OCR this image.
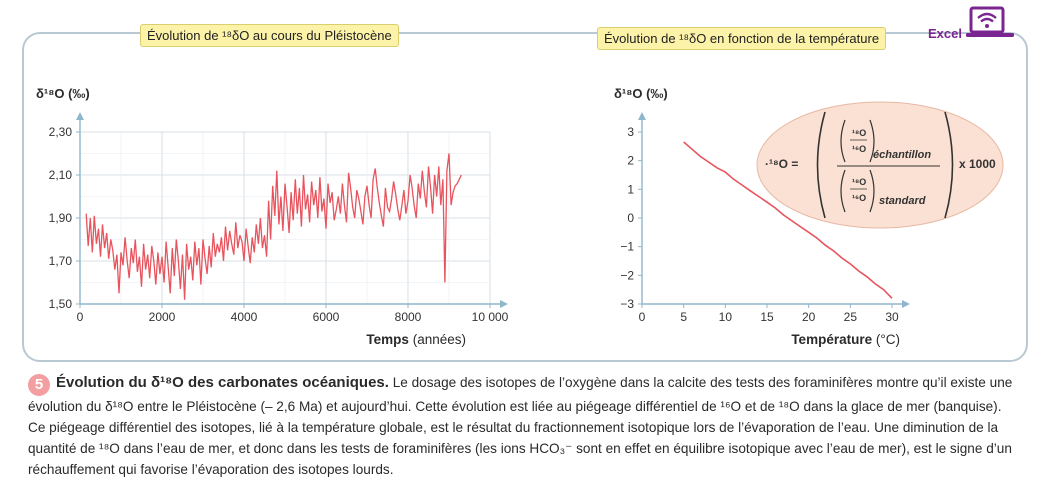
Évolution de ¹⁸δO au cours du Pléistocène	Évolution de ¹⁸δO en fonction de la température	Excel
δ¹⁸O (‰)
1,50
1,70
1,90
2,10
2,30
0	2000	4000	6000	8000	10 000
Temps (années)
δ¹⁸O (‰)
−3
−2
−1
0
1
2
3
0	5	10 15 20 25 30
Température (°C)
·¹⁸O =
¹⁸O
¹⁶O échantillon
¹⁸O
¹⁶O standard
x 1000
5 Évolution du δ¹⁸O des carbonates océaniques. Le dosage des isotopes de l’oxygène dans la calcite des tests des foraminifères montre qu’il existe une évolution du δ¹⁸O entre le Pléistocène (– 2,6 Ma) et aujourd’hui. Cette évolution est liée au piégeage différentiel de ¹⁶O et de ¹⁸O dans la glace de mer (banquise). Ce piégeage différentiel des isotopes, lié à la température globale, est le résultat du fractionnement isotopique lors de l’évaporation de l’eau. Une diminution de la quantité de ¹⁸O dans l’eau de mer, et donc dans les tests de foraminifères (les ions HCO₃⁻ sont en effet en équilibre isotopique avec l’eau de mer), est le signe d’un réchauffement qui favorise l’évaporation des isotopes lourds.
